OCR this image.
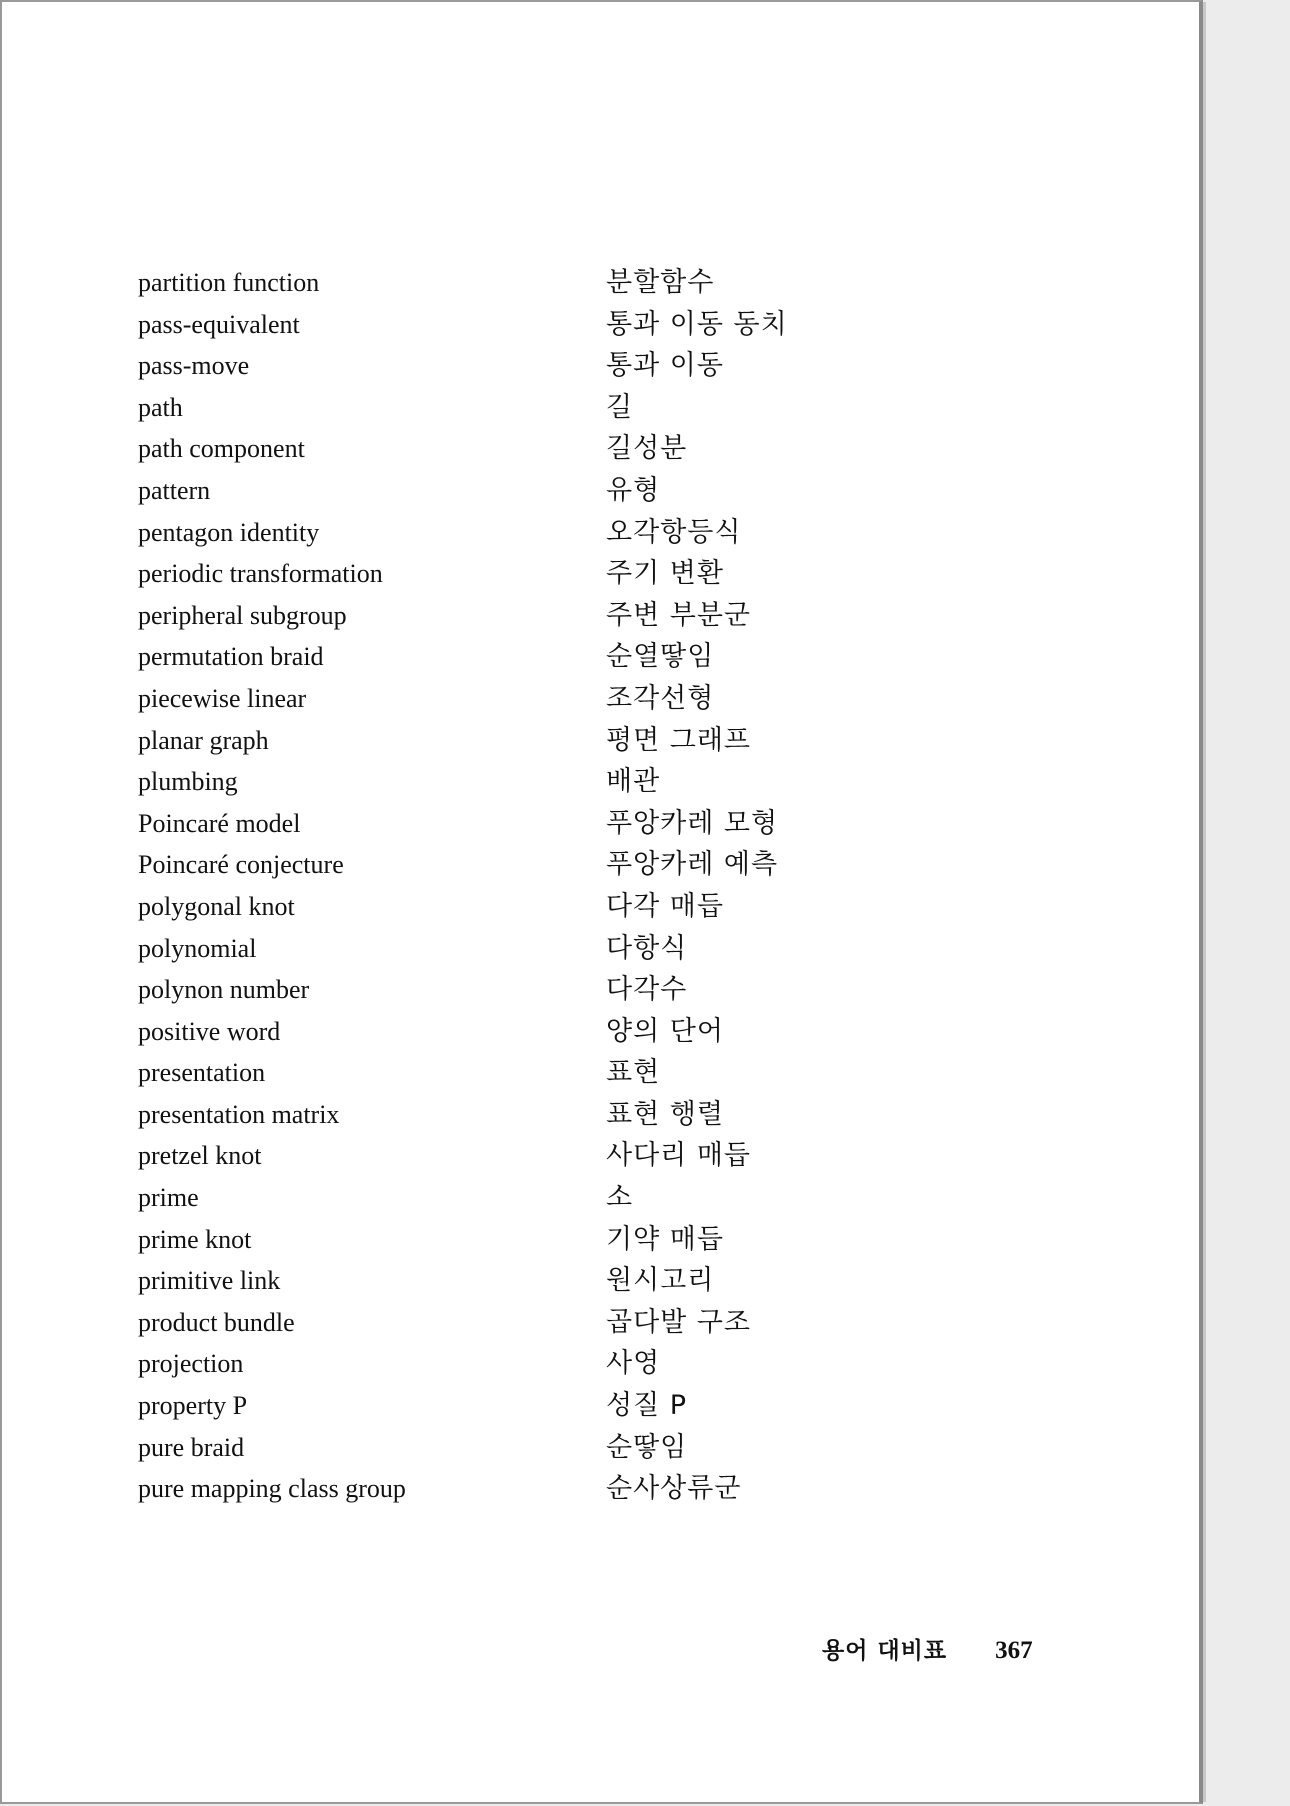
partition function	분할함수
pass-equivalent	통과 이동 동치
pass-move	통과 이동
path	길
path component	길성분
pattern	유형
pentagon identity	오각항등식
periodic transformation	주기 변환
peripheral subgroup	주변 부분군
permutation braid	순열땋임
piecewise linear	조각선형
planar graph	평면 그래프
plumbing	배관
Poincaré model	푸앙카레 모형
Poincaré conjecture	푸앙카레 예측
polygonal knot	다각 매듭
polynomial	다항식
polynon number	다각수
positive word	양의 단어
presentation	표현
presentation matrix	표현 행렬
pretzel knot	사다리 매듭
prime	소
prime knot	기약 매듭
primitive link	원시고리
product bundle	곱다발 구조
projection	사영
property P	성질 P
pure braid	순땋임
pure mapping class group	순사상류군
용어 대비표 367
